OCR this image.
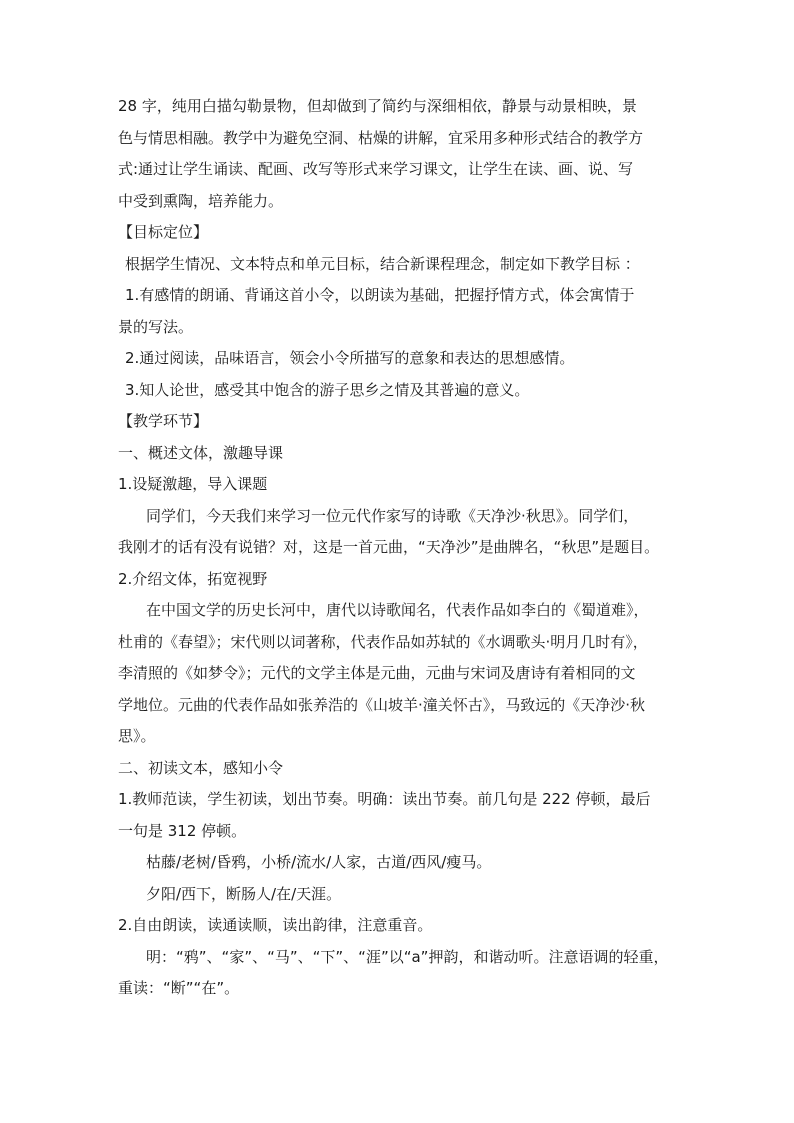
28 字，纯用白描勾勒景物，但却做到了简约与深细相依，静景与动景相映，景
色与情思相融。教学中为避免空洞、枯燥的讲解，宜采用多种形式结合的教学方
式:通过让学生诵读、配画、改写等形式来学习课文，让学生在读、画、说、写
中受到熏陶，培养能力。
【目标定位】
根据学生情况、文本特点和单元目标，结合新课程理念，制定如下教学目标 ：
1.有感情的朗诵、背诵这首小令，以朗读为基础，把握抒情方式，体会寓情于
景的写法。
2.通过阅读，品味语言，领会小令所描写的意象和表达的思想感情。
3.知人论世，感受其中饱含的游子思乡之情及其普遍的意义。
【教学环节】
一、概述文体，激趣导课
1.设疑激趣，导入课题
同学们，今天我们来学习一位元代作家写的诗歌《天净沙·秋思》。同学们，
我刚才的话有没有说错？对，这是一首元曲，“天净沙”是曲牌名，“秋思”是题目。
2.介绍文体，拓宽视野
在中国文学的历史长河中，唐代以诗歌闻名，代表作品如李白的《蜀道难》，
杜甫的《春望》；宋代则以词著称，代表作品如苏轼的《水调歌头·明月几时有》，
李清照的《如梦令》；元代的文学主体是元曲，元曲与宋词及唐诗有着相同的文
学地位。元曲的代表作品如张养浩的《山坡羊·潼关怀古》，马致远的《天净沙·秋
思》。
二、初读文本，感知小令
1.教师范读，学生初读，划出节奏。明确：读出节奏。前几句是 222 停顿，最后
一句是 312 停顿。
枯藤/老树/昏鸦，小桥/流水/人家，古道/西风/瘦马。
夕阳/西下，断肠人/在/天涯。
2.自由朗读，读通读顺，读出韵律，注意重音。
明：“鸦”、“家”、“马”、“下”、“涯”以“a”押韵，和谐动听。注意语调的轻重，
重读：“断”“在”。
